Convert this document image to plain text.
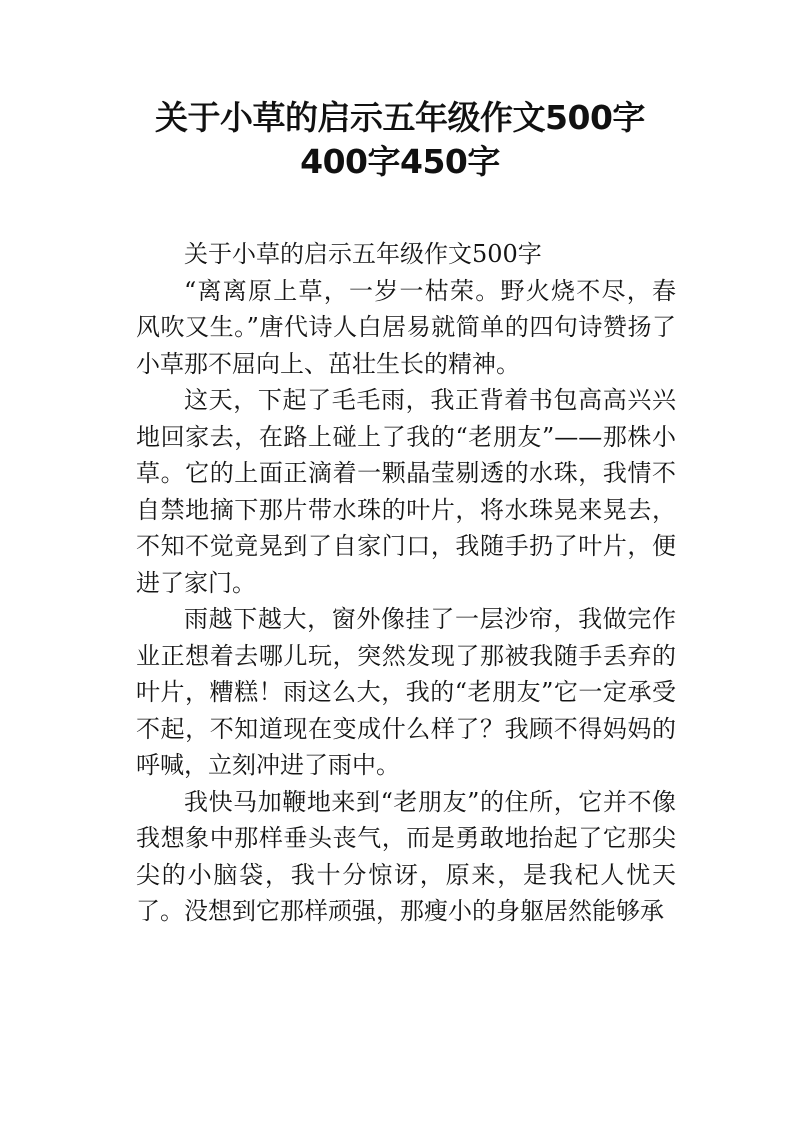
关于小草的启示五年级作文500字
400字450字

关于小草的启示五年级作文500字

“离离原上草，一岁一枯荣。野火烧不尽，春风吹又生。”唐代诗人白居易就简单的四句诗赞扬了小草那不屈向上、茁壮生长的精神。

这天，下起了毛毛雨，我正背着书包高高兴兴地回家去，在路上碰上了我的“老朋友”——那株小草。它的上面正滴着一颗晶莹剔透的水珠，我情不自禁地摘下那片带水珠的叶片，将水珠晃来晃去，不知不觉竟晃到了自家门口，我随手扔了叶片，便进了家门。

雨越下越大，窗外像挂了一层沙帘，我做完作业正想着去哪儿玩，突然发现了那被我随手丢弃的叶片，糟糕！雨这么大，我的“老朋友”它一定承受不起，不知道现在变成什么样了？我顾不得妈妈的呼喊，立刻冲进了雨中。

我快马加鞭地来到“老朋友”的住所，它并不像我想象中那样垂头丧气，而是勇敢地抬起了它那尖尖的小脑袋，我十分惊讶，原来，是我杞人忧天了。没想到它那样顽强，那瘦小的身躯居然能够承
